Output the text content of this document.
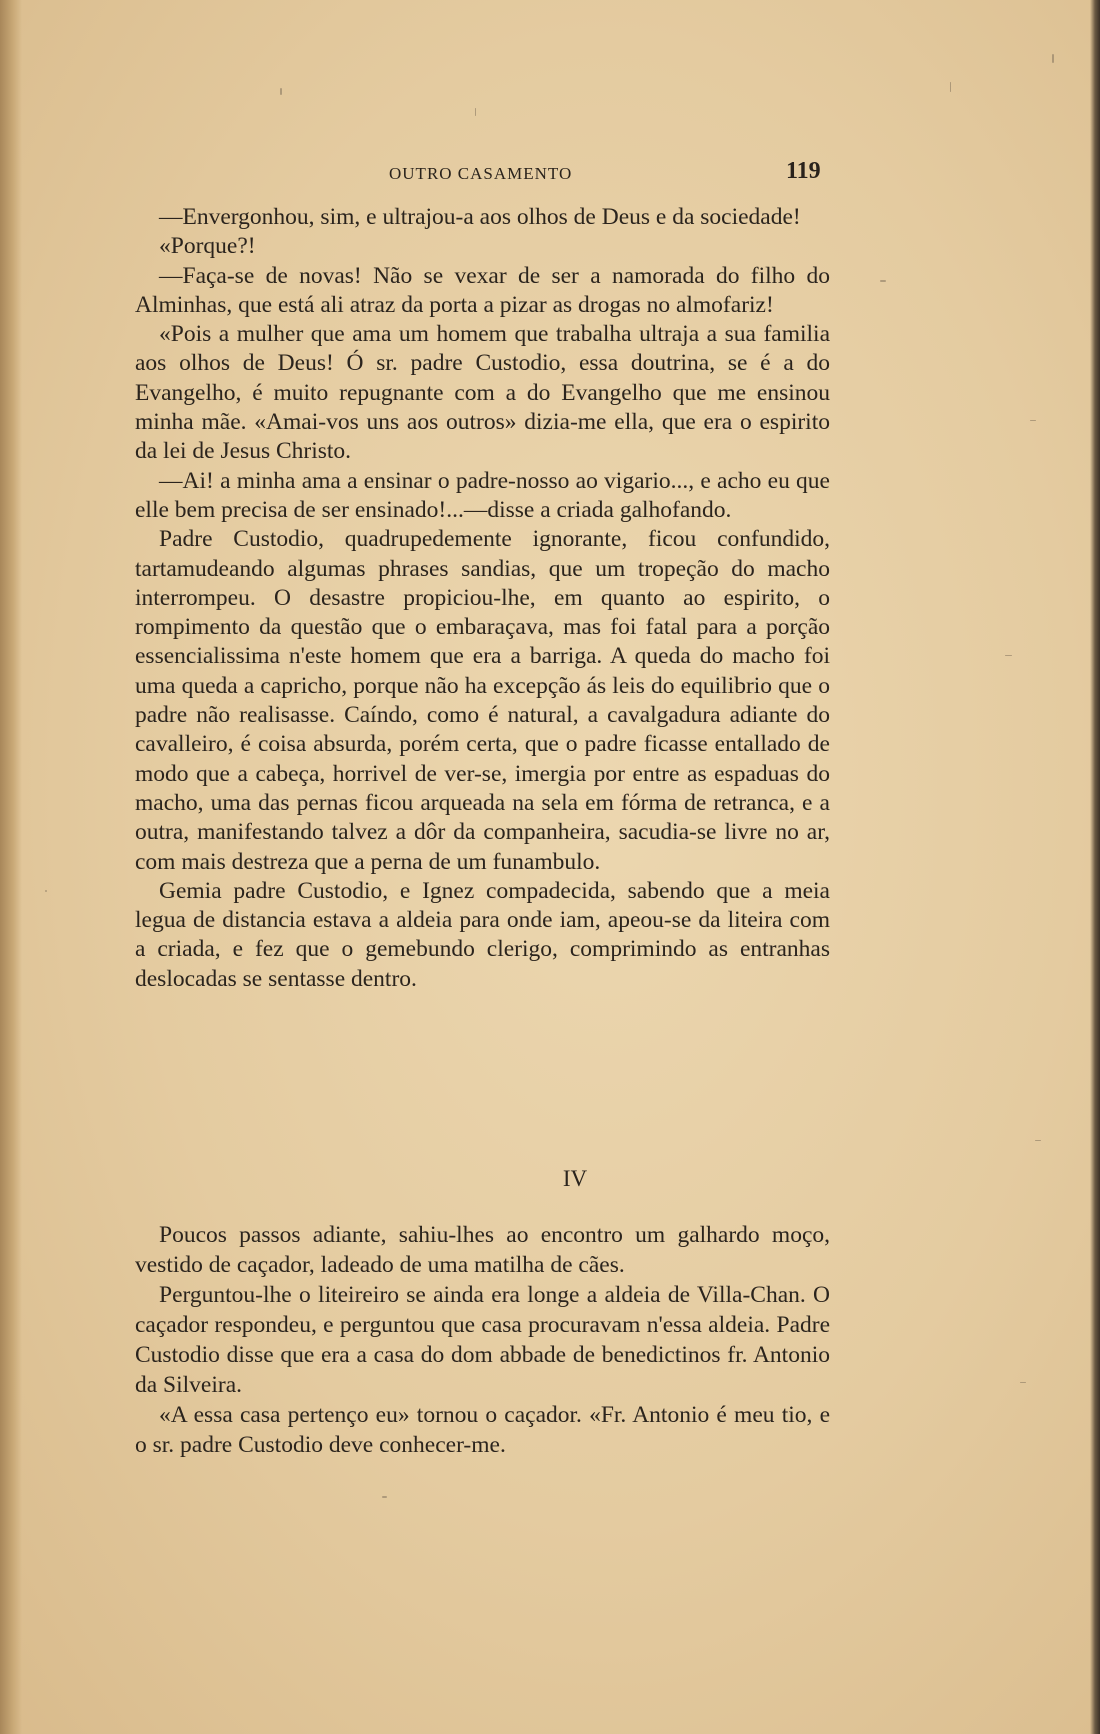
OUTRO CASAMENTO	119

—Envergonhou, sim, e ultrajou-a aos olhos de Deus e da sociedade!

«Porque?!

—Faça-se de novas! Não se vexar de ser a namorada do filho do Alminhas, que está ali atraz da porta a pizar as drogas no almofariz!

«Pois a mulher que ama um homem que trabalha ultraja a sua familia aos olhos de Deus! Ó sr. padre Custodio, essa doutrina, se é a do Evangelho, é muito repugnante com a do Evangelho que me ensinou minha mãe. «Amai-vos uns aos outros» dizia-me ella, que era o espirito da lei de Jesus Christo.

—Ai! a minha ama a ensinar o padre-nosso ao vigario..., e acho eu que elle bem precisa de ser ensinado!...—disse a criada galhofando.

Padre Custodio, quadrupedemente ignorante, ficou confundido, tartamudeando algumas phrases sandias, que um tropeção do macho interrompeu. O desastre propiciou-lhe, em quanto ao espirito, o rompimento da questão que o embaraçava, mas foi fatal para a porção essencialissima n'este homem que era a barriga. A queda do macho foi uma queda a capricho, porque não ha excepção ás leis do equilibrio que o padre não realisasse. Caíndo, como é natural, a cavalgadura adiante do cavalleiro, é coisa absurda, porém certa, que o padre ficasse entallado de modo que a cabeça, horrivel de ver-se, imergia por entre as espaduas do macho, uma das pernas ficou arqueada na sela em fórma de retranca, e a outra, manifestando talvez a dôr da companheira, sacudia-se livre no ar, com mais destreza que a perna de um funambulo.

Gemia padre Custodio, e Ignez compadecida, sabendo que a meia legua de distancia estava a aldeia para onde iam, apeou-se da liteira com a criada, e fez que o gemebundo clerigo, comprimindo as entranhas deslocadas se sentasse dentro.

IV

Poucos passos adiante, sahiu-lhes ao encontro um galhardo moço, vestido de caçador, ladeado de uma matilha de cães.

Perguntou-lhe o liteireiro se ainda era longe a aldeia de Villa-Chan. O caçador respondeu, e perguntou que casa procuravam n'essa aldeia. Padre Custodio disse que era a casa do dom abbade de benedictinos fr. Antonio da Silveira.

«A essa casa pertenço eu» tornou o caçador. «Fr. Antonio é meu tio, e o sr. padre Custodio deve conhecer-me.
